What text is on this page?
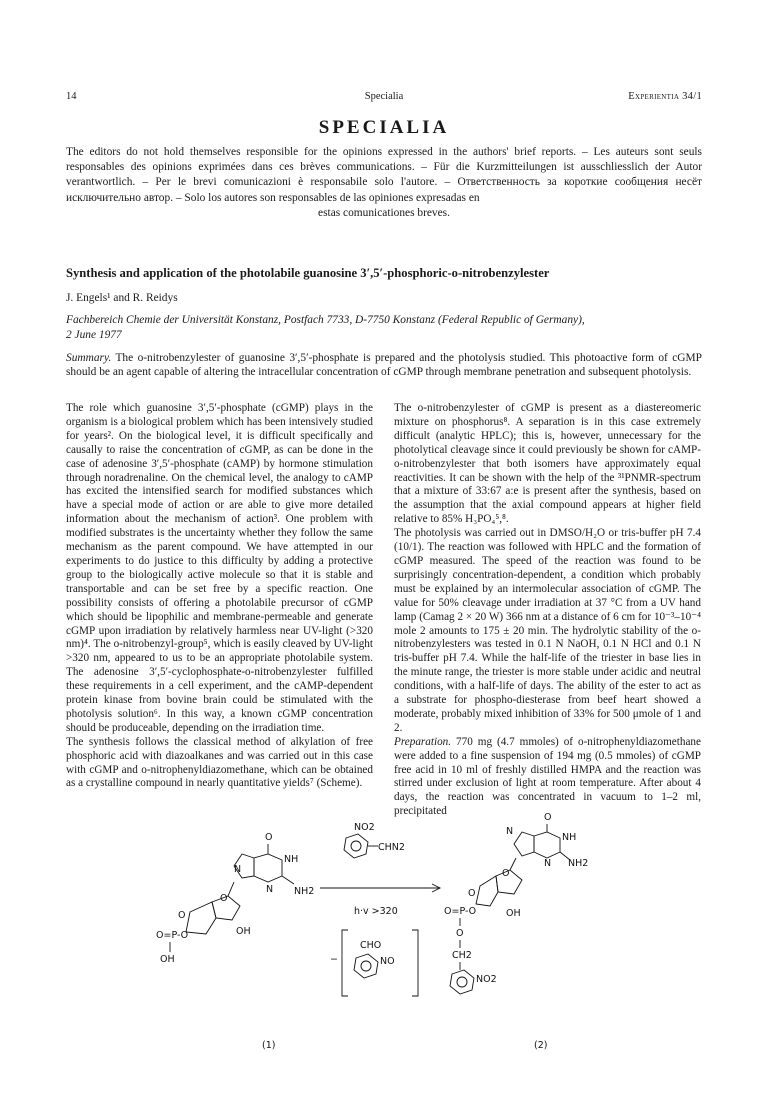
14	Specialia	Experientia 34/1
SPECIALIA

The editors do not hold themselves responsible for the opinions expressed in the authors' brief reports. – Les auteurs sont seuls responsables des opinions exprimées dans ces brèves communications. – Für die Kurzmitteilungen ist ausschliesslich der Autor verantwortlich. – Per le brevi comunicazioni è responsabile solo l'autore. – Ответственность за короткие сообщения несёт исключительно автор. – Solo los autores son responsables de las opiniones expresadas en

estas comunicationes breves.

Synthesis and application of the photolabile guanosine 3′,5′-phosphoric-o-nitrobenzylester
J. Engels¹ and R. Reidys
Fachbereich Chemie der Universität Konstanz, Postfach 7733, D-7750 Konstanz (Federal Republic of Germany),
2 June 1977
Summary. The o-nitrobenzylester of guanosine 3′,5′-phosphate is prepared and the photolysis studied. This photoactive form of cGMP should be an agent capable of altering the intracellular concentration of cGMP through membrane penetration and subsequent photolysis.

The role which guanosine 3′,5′-phosphate (cGMP) plays in the organism is a biological problem which has been intensively studied for years². On the biological level, it is difficult specifically and causally to raise the concentration of cGMP, as can be done in the case of adenosine 3′,5′-phosphate (cAMP) by hormone stimulation through noradrenaline. On the chemical level, the analogy to cAMP has excited the intensified search for modified substances which have a special mode of action or are able to give more detailed information about the mechanism of action³. One problem with modified substrates is the uncertainty whether they follow the same mechanism as the parent compound. We have attempted in our experiments to do justice to this difficulty by adding a protective group to the biologically active molecule so that it is stable and transportable and can be set free by a specific reaction. One possibility consists of offering a photolabile precursor of cGMP which should be lipophilic and membrane-permeable and generate cGMP upon irradiation by relatively harmless near UV-light (>320 nm)⁴. The o-nitrobenzyl-group⁵, which is easily cleaved by UV-light >320 nm, appeared to us to be an appropriate photolabile system. The adenosine 3′,5′-cyclophosphate-o-nitrobenzylester fulfilled these requirements in a cell experiment, and the cAMP-dependent protein kinase from bovine brain could be stimulated with the photolysis solution⁶. In this way, a known cGMP concentration should be produceable, depending on the irradiation time.

The synthesis follows the classical method of alkylation of free phosphoric acid with diazoalkanes and was carried out in this case with cGMP and o-nitrophenyldiazomethane, which can be obtained as a crystalline compound in nearly quantitative yields⁷ (Scheme).

The o-nitrobenzylester of cGMP is present as a diastereomeric mixture on phosphorus⁸. A separation is in this case extremely difficult (analytic HPLC); this is, however, unnecessary for the photolytical cleavage since it could previously be shown for cAMP-o-nitrobenzylester that both isomers have approximately equal reactivities. It can be shown with the help of the ³¹PNMR-spectrum that a mixture of 33:67 a:e is present after the synthesis, based on the assumption that the axial compound appears at higher field relative to 85% H₃PO₄⁵,⁸.

The photolysis was carried out in DMSO/H₂O or tris-buffer pH 7.4 (10/1). The reaction was followed with HPLC and the formation of cGMP measured. The speed of the reaction was found to be surprisingly concentration-dependent, a condition which probably must be explained by an intermolecular association of cGMP. The value for 50% cleavage under irradiation at 37 °C from a UV hand lamp (Camag 2 × 20 W) 366 nm at a distance of 6 cm for 10⁻³–10⁻⁴ mole 2 amounts to 175 ± 20 min. The hydrolytic stability of the o-nitrobenzylesters was tested in 0.1 N NaOH, 0.1 N HCl and 0.1 N tris-buffer pH 7.4. While the half-life of the triester in base lies in the minute range, the triester is more stable under acidic and neutral conditions, with a half-life of days. The ability of the ester to act as a substrate for phospho-diesterase from beef heart showed a moderate, probably mixed inhibition of 33% for 500 μmole of 1 and 2.

Preparation. 770 mg (4.7 mmoles) of o-nitrophenyldiazomethane were added to a fine suspension of 194 mg (0.5 mmoles) of cGMP free acid in 10 ml of freshly distilled HMPA and the reaction was stirred under exclusion of light at room temperature. After about 4 days, the reaction was concentrated in vacuum to 1–2 ml, precipitated

O
NH
N
N NH2
O
O
O=P-O	OH
OH
NO2
CHN2
h·v >320
−
CHO
NO
O
NH
N
N NH2
O
O
O=P-O	OH
O
CH2
NO2
(1)	(2)
